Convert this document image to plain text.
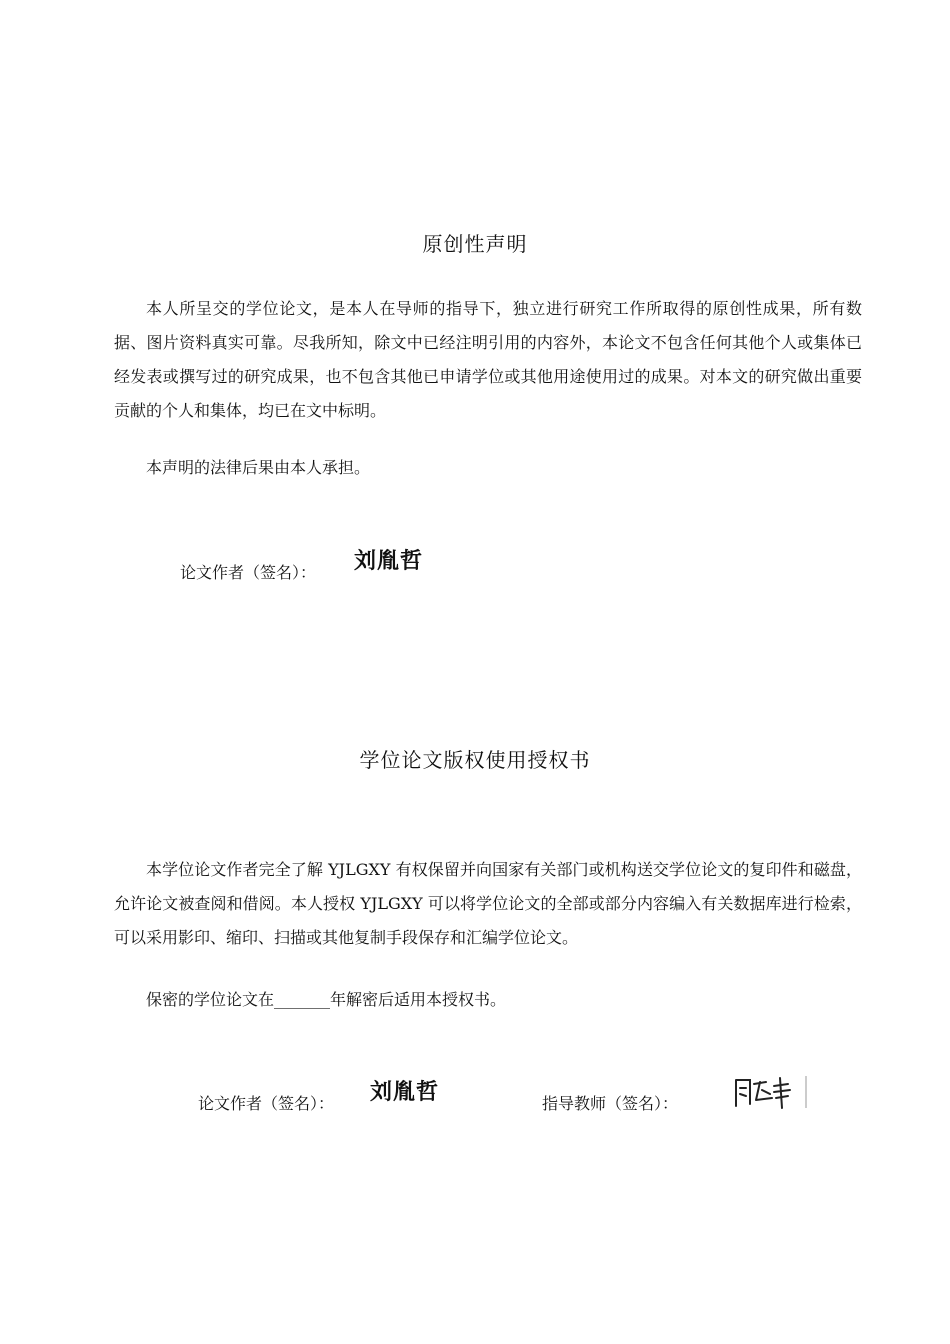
原创性声明

本人所呈交的学位论文，是本人在导师的指导下，独立进行研究工作所取得的原创性成果，所有数据、图片资料真实可靠。尽我所知，除文中已经注明引用的内容外，本论文不包含任何其他个人或集体已经发表或撰写过的研究成果，也不包含其他已申请学位或其他用途使用过的成果。对本文的研究做出重要贡献的个人和集体，均已在文中标明。

本声明的法律后果由本人承担。

论文作者（签名）： 刘胤哲
学位论文版权使用授权书

本学位论文作者完全了解 YJLGXY 有权保留并向国家有关部门或机构送交学位论文的复印件和磁盘，允许论文被查阅和借阅。本人授权 YJLGXY 可以将学位论文的全部或部分内容编入有关数据库进行检索，可以采用影印、缩印、扫描或其他复制手段保存和汇编学位论文。

保密的学位论文在_______年解密后适用本授权书。

论文作者（签名）： 刘胤哲	指导教师（签名）：
